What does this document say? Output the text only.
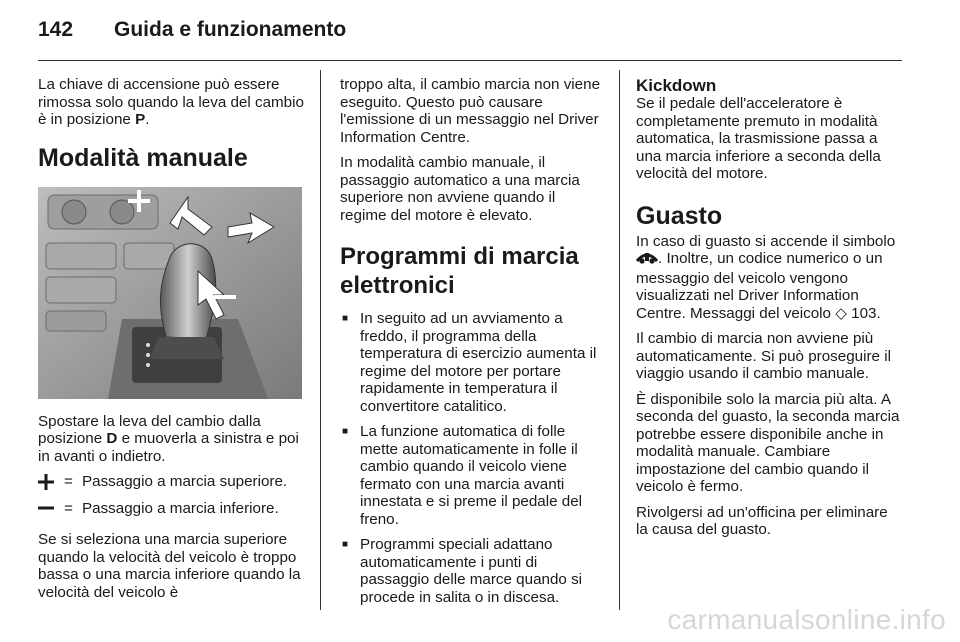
142 Guida e funzionamento

La chiave di accensione può essere rimossa solo quando la leva del cambio è in posizione P.

Modalità manuale

Spostare la leva del cambio dalla posizione D e muoverla a sinistra e poi in avanti o indietro.

= Passaggio a marcia superiore.
= Passaggio a marcia inferiore.

Se si seleziona una marcia superiore quando la velocità del veicolo è troppo bassa o una marcia inferiore quando la velocità del veicolo è

troppo alta, il cambio marcia non viene eseguito. Questo può causare l'emissione di un messaggio nel Driver Information Centre.

In modalità cambio manuale, il passaggio automatico a una marcia superiore non avviene quando il regime del motore è elevato.

Programmi di marcia elettronici
■ In seguito ad un avviamento a freddo, il programma della temperatura di esercizio aumenta il regime del motore per portare rapidamente in temperatura il convertitore catalitico.
■ La funzione automatica di folle mette automaticamente in folle il cambio quando il veicolo viene fermato con una marcia avanti innestata e si preme il pedale del freno.
■ Programmi speciali adattano automaticamente i punti di passaggio delle marce quando si procede in salita o in discesa.
Kickdown

Se il pedale dell'acceleratore è completamente premuto in modalità automatica, la trasmissione passa a una marcia inferiore a seconda della velocità del motore.

Guasto

In caso di guasto si accende il simbolo . Inoltre, un codice numerico o un messaggio del veicolo vengono visualizzati nel Driver Information Centre. Messaggi del veicolo ◇ 103.

Il cambio di marcia non avviene più automaticamente. Si può proseguire il viaggio usando il cambio manuale.

È disponibile solo la marcia più alta. A seconda del guasto, la seconda marcia potrebbe essere disponibile anche in modalità manuale. Cambiare impostazione del cambio quando il veicolo è fermo.

Rivolgersi ad un'officina per eliminare la causa del guasto.

carmanualsonline.info
